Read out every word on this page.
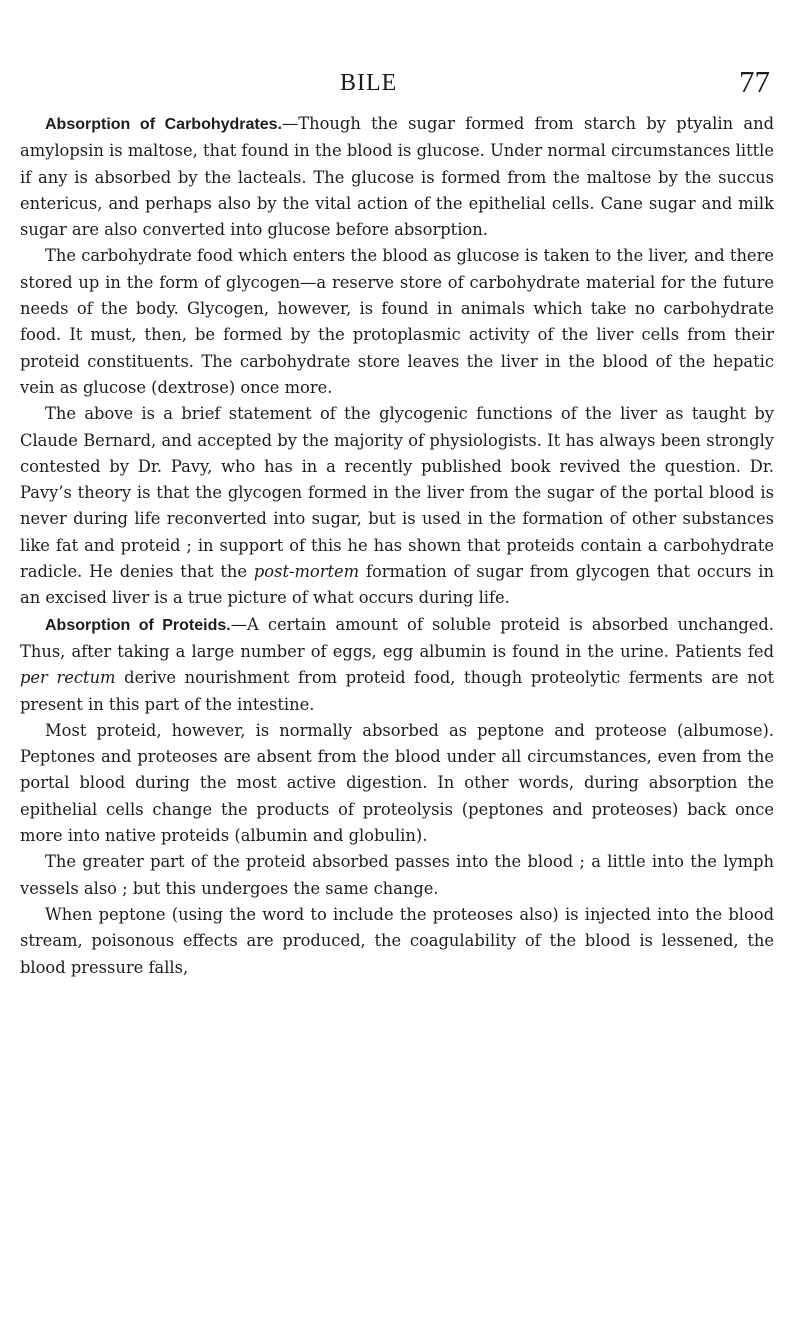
BILE	77

Absorption of Carbohydrates.—Though the sugar formed from starch by ptyalin and amylopsin is maltose, that found in the blood is glucose. Under normal circumstances little if any is absorbed by the lacteals. The glucose is formed from the maltose by the succus entericus, and perhaps also by the vital action of the epithelial cells. Cane sugar and milk sugar are also converted into glucose before absorption.

The carbohydrate food which enters the blood as glucose is taken to the liver, and there stored up in the form of glycogen—a reserve store of carbohydrate material for the future needs of the body. Glycogen, however, is found in animals which take no carbohydrate food. It must, then, be formed by the protoplasmic activity of the liver cells from their proteid constituents. The carbohydrate store leaves the liver in the blood of the hepatic vein as glucose (dextrose) once more.

The above is a brief statement of the glycogenic functions of the liver as taught by Claude Bernard, and accepted by the majority of physiologists. It has always been strongly contested by Dr. Pavy, who has in a recently published book revived the question. Dr. Pavy’s theory is that the glycogen formed in the liver from the sugar of the portal blood is never during life reconverted into sugar, but is used in the formation of other substances like fat and proteid ; in support of this he has shown that proteids contain a carbohydrate radicle. He denies that the post-mortem formation of sugar from glycogen that occurs in an excised liver is a true picture of what occurs during life.

Absorption of Proteids.—A certain amount of soluble proteid is absorbed unchanged. Thus, after taking a large number of eggs, egg albumin is found in the urine. Patients fed per rectum derive nourishment from proteid food, though proteolytic ferments are not present in this part of the intestine.

Most proteid, however, is normally absorbed as peptone and proteose (albumose). Peptones and proteoses are absent from the blood under all circumstances, even from the portal blood during the most active digestion. In other words, during absorption the epithelial cells change the products of proteolysis (peptones and proteoses) back once more into native proteids (albumin and globulin).

The greater part of the proteid absorbed passes into the blood ; a little into the lymph vessels also ; but this undergoes the same change.

When peptone (using the word to include the proteoses also) is injected into the blood stream, poisonous effects are produced, the coagulability of the blood is lessened, the blood pressure falls,
